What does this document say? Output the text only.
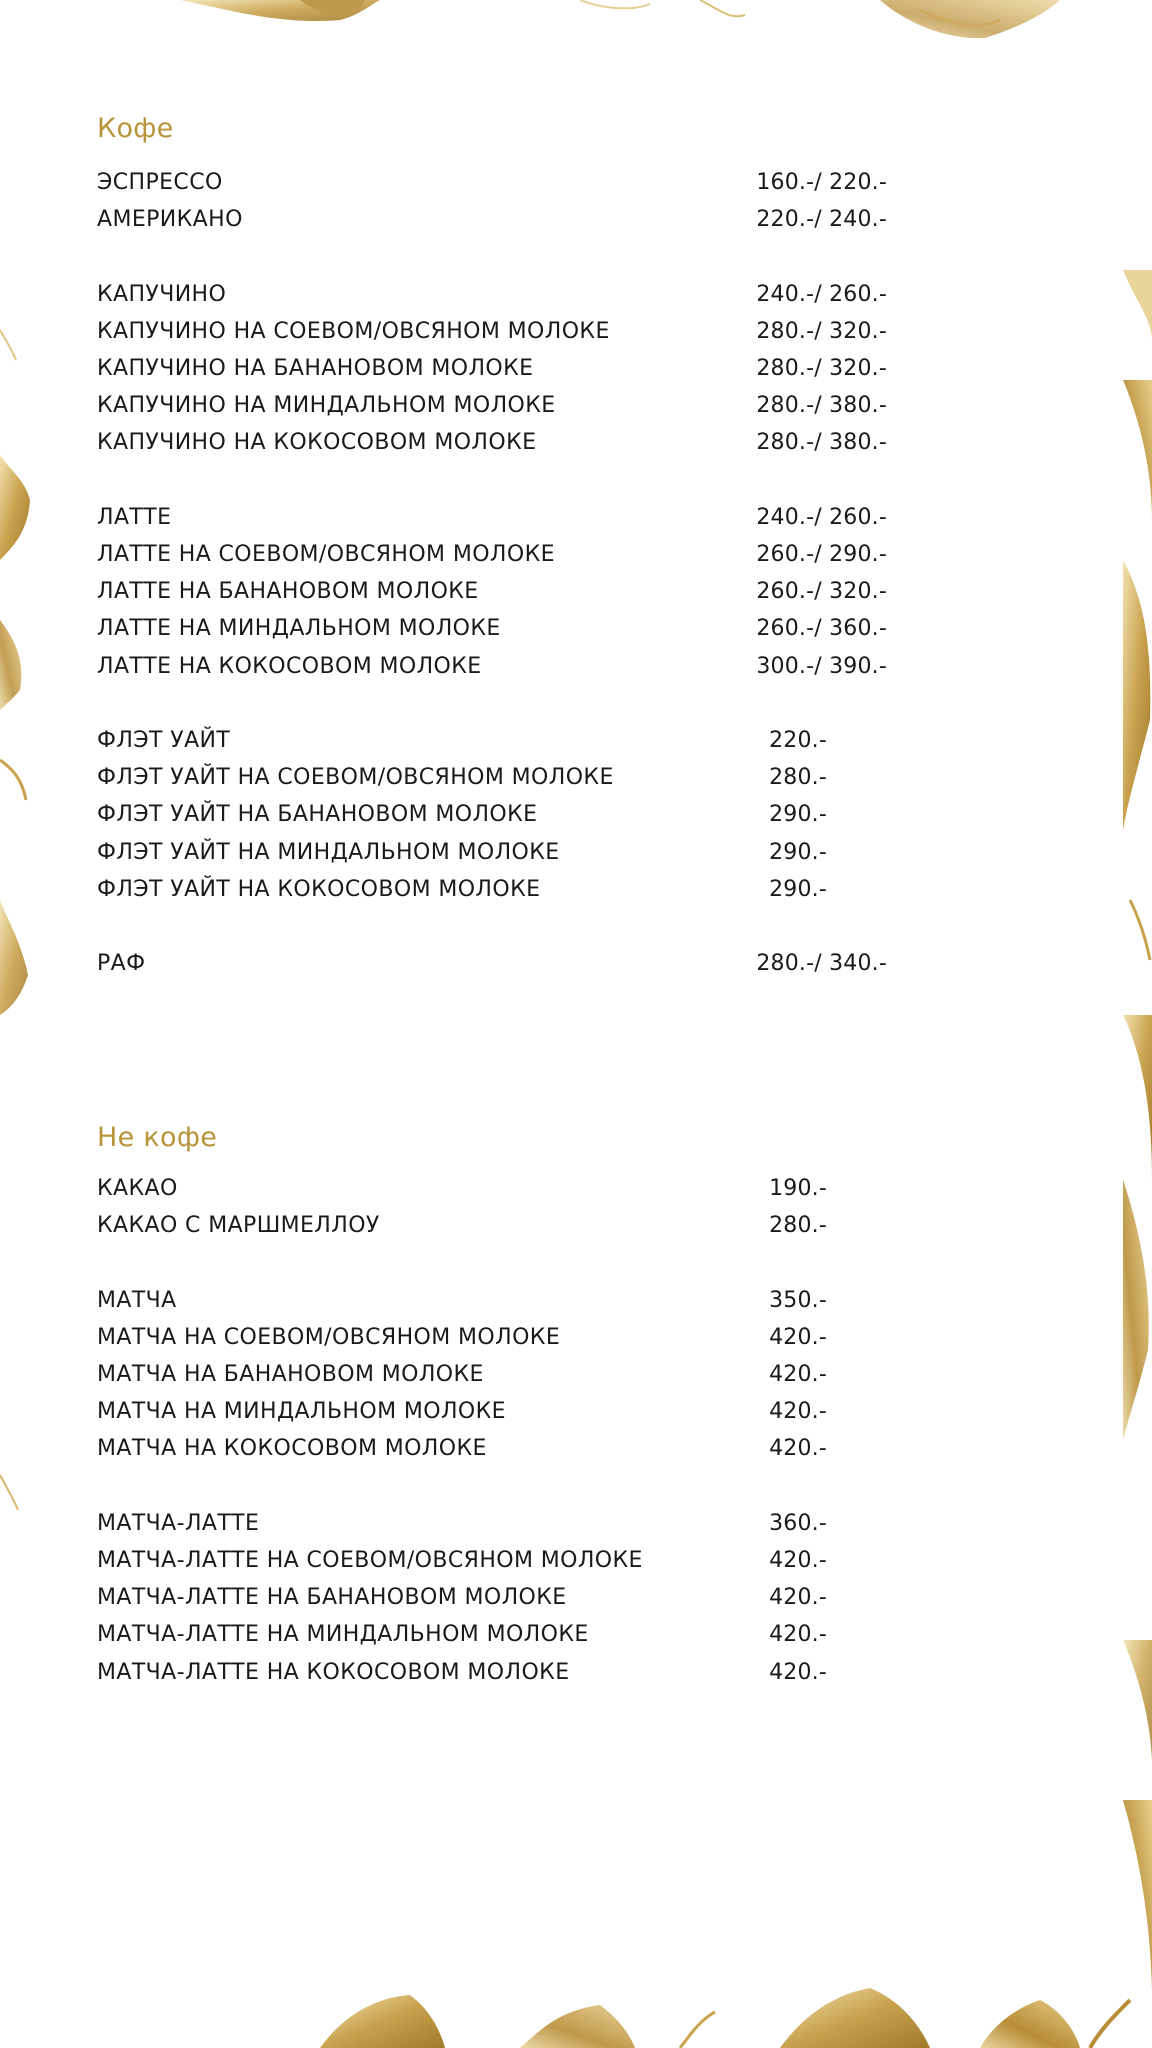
Кофе
ЭСПРЕССО	160.-/ 220.-
АМЕРИКАНО	220.-/ 240.-
КАПУЧИНО	240.-/ 260.-
КАПУЧИНО НА СОЕВОМ/ОВСЯНОМ МОЛОКЕ	280.-/ 320.-
КАПУЧИНО НА БАНАНОВОМ МОЛОКЕ	280.-/ 320.-
КАПУЧИНО НА МИНДАЛЬНОМ МОЛОКЕ	280.-/ 380.-
КАПУЧИНО НА КОКОСОВОМ МОЛОКЕ	280.-/ 380.-
ЛАТТЕ	240.-/ 260.-
ЛАТТЕ НА СОЕВОМ/ОВСЯНОМ МОЛОКЕ	260.-/ 290.-
ЛАТТЕ НА БАНАНОВОМ МОЛОКЕ	260.-/ 320.-
ЛАТТЕ НА МИНДАЛЬНОМ МОЛОКЕ	260.-/ 360.-
ЛАТТЕ НА КОКОСОВОМ МОЛОКЕ	300.-/ 390.-
ФЛЭТ УАЙТ	220.-
ФЛЭТ УАЙТ НА СОЕВОМ/ОВСЯНОМ МОЛОКЕ	280.-
ФЛЭТ УАЙТ НА БАНАНОВОМ МОЛОКЕ	290.-
ФЛЭТ УАЙТ НА МИНДАЛЬНОМ МОЛОКЕ	290.-
ФЛЭТ УАЙТ НА КОКОСОВОМ МОЛОКЕ	290.-
РАФ	280.-/ 340.-
Не кофе
КАКАО	190.-
КАКАО С МАРШМЕЛЛОУ	280.-
МАТЧА	350.-
МАТЧА НА СОЕВОМ/ОВСЯНОМ МОЛОКЕ	420.-
МАТЧА НА БАНАНОВОМ МОЛОКЕ	420.-
МАТЧА НА МИНДАЛЬНОМ МОЛОКЕ	420.-
МАТЧА НА КОКОСОВОМ МОЛОКЕ	420.-
МАТЧА-ЛАТТЕ	360.-
МАТЧА-ЛАТТЕ НА СОЕВОМ/ОВСЯНОМ МОЛОКЕ	420.-
МАТЧА-ЛАТТЕ НА БАНАНОВОМ МОЛОКЕ	420.-
МАТЧА-ЛАТТЕ НА МИНДАЛЬНОМ МОЛОКЕ	420.-
МАТЧА-ЛАТТЕ НА КОКОСОВОМ МОЛОКЕ	420.-
